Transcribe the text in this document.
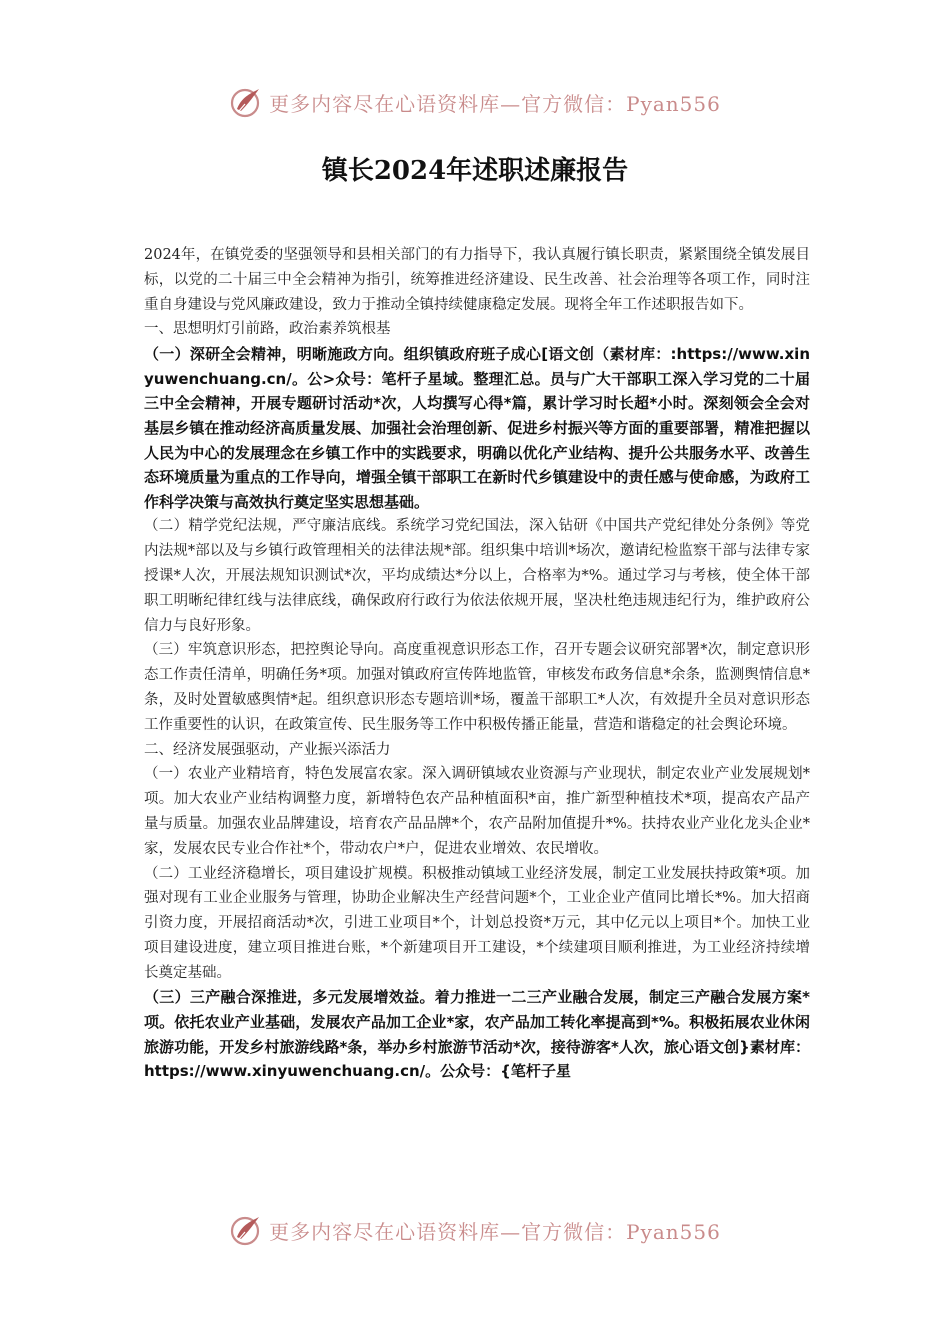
更多内容尽在心语资料库—官方微信：Pyan556
镇长2024年述职述廉报告

2024年，在镇党委的坚强领导和县相关部门的有力指导下，我认真履行镇长职责，紧紧围绕全镇发展目标，以党的二十届三中全会精神为指引，统筹推进经济建设、民生改善、社会治理等各项工作，同时注重自身建设与党风廉政建设，致力于推动全镇持续健康稳定发展。现将全年工作述职报告如下。

一、思想明灯引前路，政治素养筑根基

（一）深研全会精神，明晰施政方向。组织镇政府班子成心[语文创（素材库：:https://www.xinyuwenchuang.cn/。公>众号：笔杆子星域。整理汇总。员与广大干部职工深入学习党的二十届三中全会精神，开展专题研讨活动*次，人均撰写心得*篇，累计学习时长超*小时。深刻领会全会对基层乡镇在推动经济高质量发展、加强社会治理创新、促进乡村振兴等方面的重要部署，精准把握以人民为中心的发展理念在乡镇工作中的实践要求，明确以优化产业结构、提升公共服务水平、改善生态环境质量为重点的工作导向，增强全镇干部职工在新时代乡镇建设中的责任感与使命感，为政府工作科学决策与高效执行奠定坚实思想基础。

（二）精学党纪法规，严守廉洁底线。系统学习党纪国法，深入钻研《中国共产党纪律处分条例》等党内法规*部以及与乡镇行政管理相关的法律法规*部。组织集中培训*场次，邀请纪检监察干部与法律专家授课*人次，开展法规知识测试*次，平均成绩达*分以上，合格率为*%。通过学习与考核，使全体干部职工明晰纪律红线与法律底线，确保政府行政行为依法依规开展，坚决杜绝违规违纪行为，维护政府公信力与良好形象。

（三）牢筑意识形态，把控舆论导向。高度重视意识形态工作，召开专题会议研究部署*次，制定意识形态工作责任清单，明确任务*项。加强对镇政府宣传阵地监管，审核发布政务信息*余条，监测舆情信息*条，及时处置敏感舆情*起。组织意识形态专题培训*场，覆盖干部职工*人次，有效提升全员对意识形态工作重要性的认识，在政策宣传、民生服务等工作中积极传播正能量，营造和谐稳定的社会舆论环境。

二、经济发展强驱动，产业振兴添活力

（一）农业产业精培育，特色发展富农家。深入调研镇域农业资源与产业现状，制定农业产业发展规划*项。加大农业产业结构调整力度，新增特色农产品种植面积*亩，推广新型种植技术*项，提高农产品产量与质量。加强农业品牌建设，培育农产品品牌*个，农产品附加值提升*%。扶持农业产业化龙头企业*家，发展农民专业合作社*个，带动农户*户，促进农业增效、农民增收。

（二）工业经济稳增长，项目建设扩规模。积极推动镇域工业经济发展，制定工业发展扶持政策*项。加强对现有工业企业服务与管理，协助企业解决生产经营问题*个，工业企业产值同比增长*%。加大招商引资力度，开展招商活动*次，引进工业项目*个，计划总投资*万元，其中亿元以上项目*个。加快工业项目建设进度，建立项目推进台账，*个新建项目开工建设，*个续建项目顺利推进，为工业经济持续增长奠定基础。

（三）三产融合深推进，多元发展增效益。着力推进一二三产业融合发展，制定三产融合发展方案*项。依托农业产业基础，发展农产品加工企业*家，农产品加工转化率提高到*%。积极拓展农业休闲旅游功能，开发乡村旅游线路*条，举办乡村旅游节活动*次，接待游客*人次，旅心语文创}素材库：https://www.xinyuwenchuang.cn/。公众号：{笔杆子星

更多内容尽在心语资料库—官方微信：Pyan556
